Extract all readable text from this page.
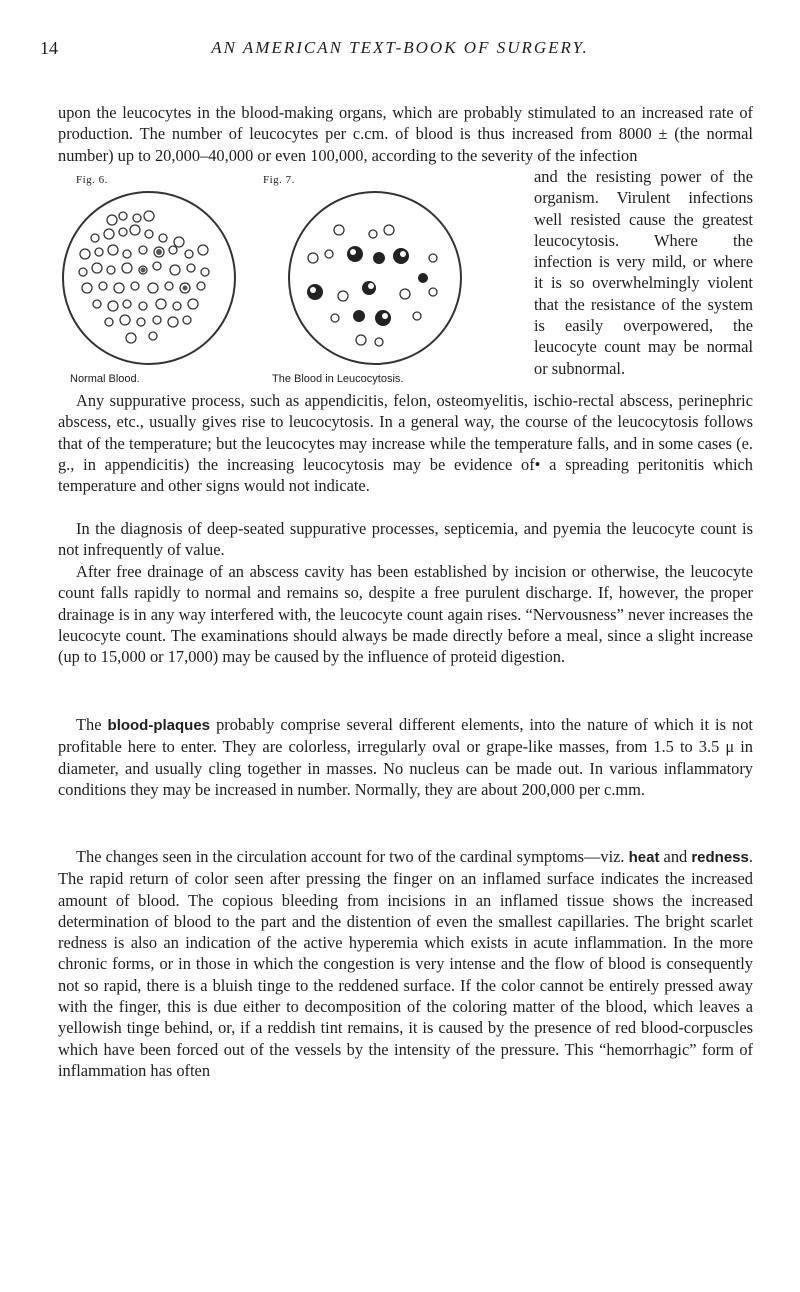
14	AN AMERICAN TEXT-BOOK OF SURGERY.

upon the leucocytes in the blood-making organs, which are probably stimulated to an increased rate of production. The number of leucocytes per c.cm. of blood is thus increased from 8000 ± (the normal number) up to 20,000–40,000 or even 100,000, according to the severity of the infection

Fig. 6.
Normal Blood.
Fig. 7.
The Blood in Leucocytosis.

and the resisting power of the organism. Virulent infections well resisted cause the greatest leucocytosis. Where the infection is very mild, or where it is so overwhelmingly violent that the resistance of the system is easily overpowered, the leucocyte count may be normal or subnormal.

Any suppurative process, such as appendicitis, felon, osteomyelitis, ischio-rectal abscess, perinephric abscess, etc., usually gives rise to leucocytosis. In a general way, the course of the leucocytosis follows that of the temperature; but the leucocytes may increase while the temperature falls, and in some cases (e. g., in appendicitis) the increasing leucocytosis may be evidence of• a spreading peritonitis which temperature and other signs would not indicate.

In the diagnosis of deep-seated suppurative processes, septicemia, and pyemia the leucocyte count is not infrequently of value.

After free drainage of an abscess cavity has been established by incision or otherwise, the leucocyte count falls rapidly to normal and remains so, despite a free purulent discharge. If, however, the proper drainage is in any way interfered with, the leucocyte count again rises. “Nervousness” never increases the leucocyte count. The examinations should always be made directly before a meal, since a slight increase (up to 15,000 or 17,000) may be caused by the influence of proteid digestion.

The blood-plaques probably comprise several different elements, into the nature of which it is not profitable here to enter. They are colorless, irregularly oval or grape-like masses, from 1.5 to 3.5 μ in diameter, and usually cling together in masses. No nucleus can be made out. In various inflammatory conditions they may be increased in number. Normally, they are about 200,000 per c.mm.

The changes seen in the circulation account for two of the cardinal symptoms—viz. heat and redness. The rapid return of color seen after pressing the finger on an inflamed surface indicates the increased amount of blood. The copious bleeding from incisions in an inflamed tissue shows the increased determination of blood to the part and the distention of even the smallest capillaries. The bright scarlet redness is also an indication of the active hyperemia which exists in acute inflammation. In the more chronic forms, or in those in which the congestion is very intense and the flow of blood is consequently not so rapid, there is a bluish tinge to the reddened surface. If the color cannot be entirely pressed away with the finger, this is due either to decomposition of the coloring matter of the blood, which leaves a yellowish tinge behind, or, if a reddish tint remains, it is caused by the presence of red blood-corpuscles which have been forced out of the vessels by the intensity of the pressure. This “hemorrhagic” form of inflammation has often
